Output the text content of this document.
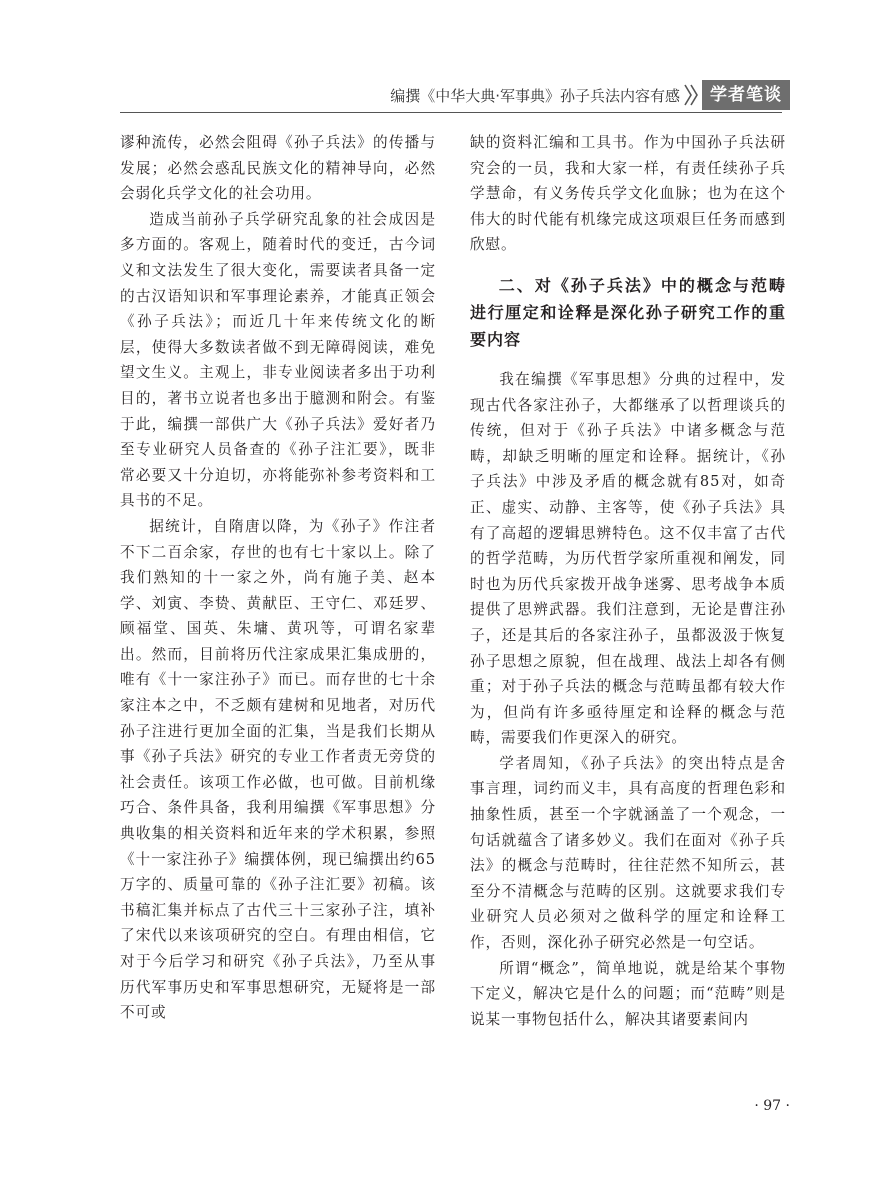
编撰《中华大典·军事典》孙子兵法内容有感	学者笔谈

谬种流传，必然会阻碍《孙子兵法》的传播与发展；必然会惑乱民族文化的精神导向，必然会弱化兵学文化的社会功用。

造成当前孙子兵学研究乱象的社会成因是多方面的。客观上，随着时代的变迁，古今词义和文法发生了很大变化，需要读者具备一定的古汉语知识和军事理论素养，才能真正领会《孙子兵法》；而近几十年来传统文化的断层，使得大多数读者做不到无障碍阅读，难免望文生义。主观上，非专业阅读者多出于功利目的，著书立说者也多出于臆测和附会。有鉴于此，编撰一部供广大《孙子兵法》爱好者乃至专业研究人员备查的《孙子注汇要》，既非常必要又十分迫切，亦将能弥补参考资料和工具书的不足。

据统计，自隋唐以降，为《孙子》作注者不下二百余家，存世的也有七十家以上。除了我们熟知的十一家之外，尚有施子美、赵本学、刘寅、李贽、黄献臣、王守仁、邓廷罗、顾福堂、国英、朱墉、黄巩等，可谓名家辈出。然而，目前将历代注家成果汇集成册的，唯有《十一家注孙子》而已。而存世的七十余家注本之中，不乏颇有建树和见地者，对历代孙子注进行更加全面的汇集，当是我们长期从事《孙子兵法》研究的专业工作者责无旁贷的社会责任。该项工作必做，也可做。目前机缘巧合、条件具备，我利用编撰《军事思想》分典收集的相关资料和近年来的学术积累，参照《十一家注孙子》编撰体例，现已编撰出约65万字的、质量可靠的《孙子注汇要》初稿。该书稿汇集并标点了古代三十三家孙子注，填补了宋代以来该项研究的空白。有理由相信，它对于今后学习和研究《孙子兵法》，乃至从事历代军事历史和军事思想研究，无疑将是一部不可或

缺的资料汇编和工具书。作为中国孙子兵法研究会的一员，我和大家一样，有责任续孙子兵学慧命，有义务传兵学文化血脉；也为在这个伟大的时代能有机缘完成这项艰巨任务而感到欣慰。

二、对《孙子兵法》中的概念与范畴进行厘定和诠释是深化孙子研究工作的重要内容

我在编撰《军事思想》分典的过程中，发现古代各家注孙子，大都继承了以哲理谈兵的传统，但对于《孙子兵法》中诸多概念与范畴，却缺乏明晰的厘定和诠释。据统计，《孙子兵法》中涉及矛盾的概念就有85对，如奇正、虚实、动静、主客等，使《孙子兵法》具有了高超的逻辑思辨特色。这不仅丰富了古代的哲学范畴，为历代哲学家所重视和阐发，同时也为历代兵家拨开战争迷雾、思考战争本质提供了思辨武器。我们注意到，无论是曹注孙子，还是其后的各家注孙子，虽都汲汲于恢复孙子思想之原貌，但在战理、战法上却各有侧重；对于孙子兵法的概念与范畴虽都有较大作为，但尚有许多亟待厘定和诠释的概念与范畴，需要我们作更深入的研究。

学者周知，《孙子兵法》的突出特点是舍事言理，词约而义丰，具有高度的哲理色彩和抽象性质，甚至一个字就涵盖了一个观念，一句话就蕴含了诸多妙义。我们在面对《孙子兵法》的概念与范畴时，往往茫然不知所云，甚至分不清概念与范畴的区别。这就要求我们专业研究人员必须对之做科学的厘定和诠释工作，否则，深化孙子研究必然是一句空话。

所谓“概念”，简单地说，就是给某个事物下定义，解决它是什么的问题；而“范畴”则是说某一事物包括什么，解决其诸要素间内

· 97 ·
